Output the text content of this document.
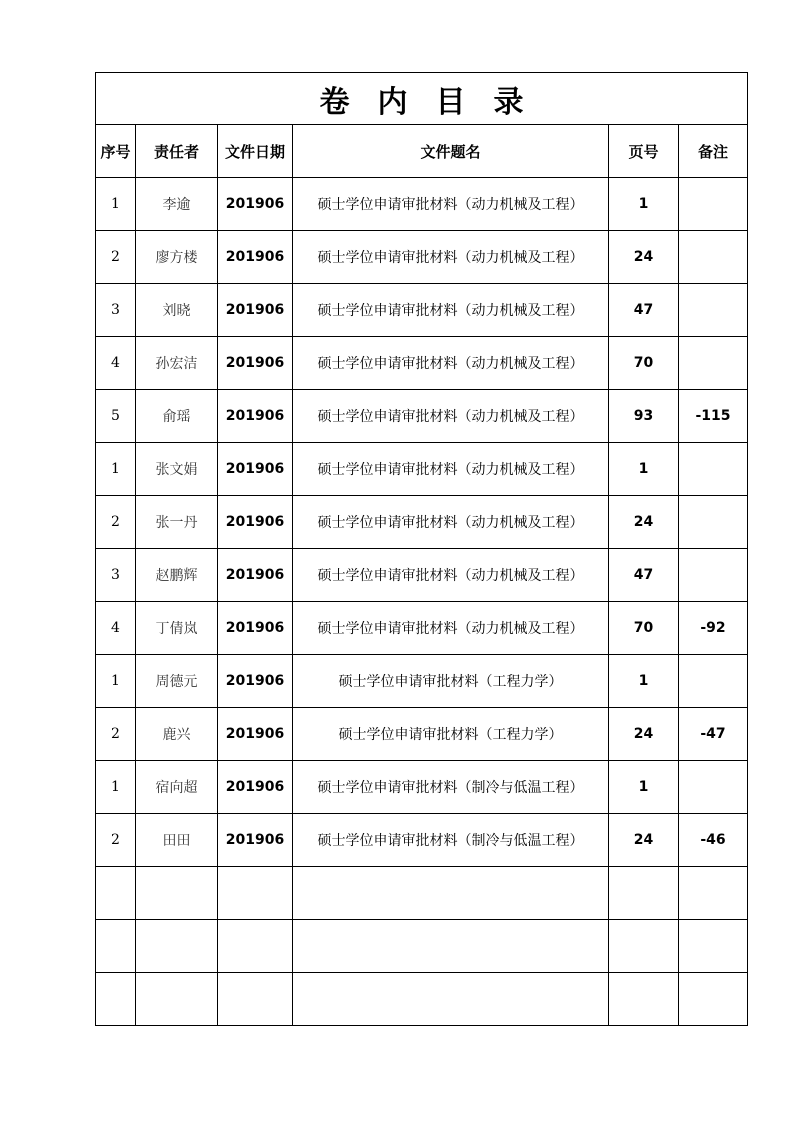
卷内目录					
序号	责任者	文件日期	文件题名	页号	备注
1	李逾	201906	硕士学位申请审批材料（动力机械及工程）	1	
2	廖方楼	201906	硕士学位申请审批材料（动力机械及工程）	24	
3	刘晓	201906	硕士学位申请审批材料（动力机械及工程）	47	
4	孙宏洁	201906	硕士学位申请审批材料（动力机械及工程）	70	
5	俞瑶	201906	硕士学位申请审批材料（动力机械及工程）	93	-115
1	张文娟	201906	硕士学位申请审批材料（动力机械及工程）	1	
2	张一丹	201906	硕士学位申请审批材料（动力机械及工程）	24	
3	赵鹏辉	201906	硕士学位申请审批材料（动力机械及工程）	47	
4	丁倩岚	201906	硕士学位申请审批材料（动力机械及工程）	70	-92
1	周德元	201906	硕士学位申请审批材料（工程力学）	1	
2	鹿兴	201906	硕士学位申请审批材料（工程力学）	24	-47
1	宿向超	201906	硕士学位申请审批材料（制冷与低温工程）	1	
2	田田	201906	硕士学位申请审批材料（制冷与低温工程）	24	-46
